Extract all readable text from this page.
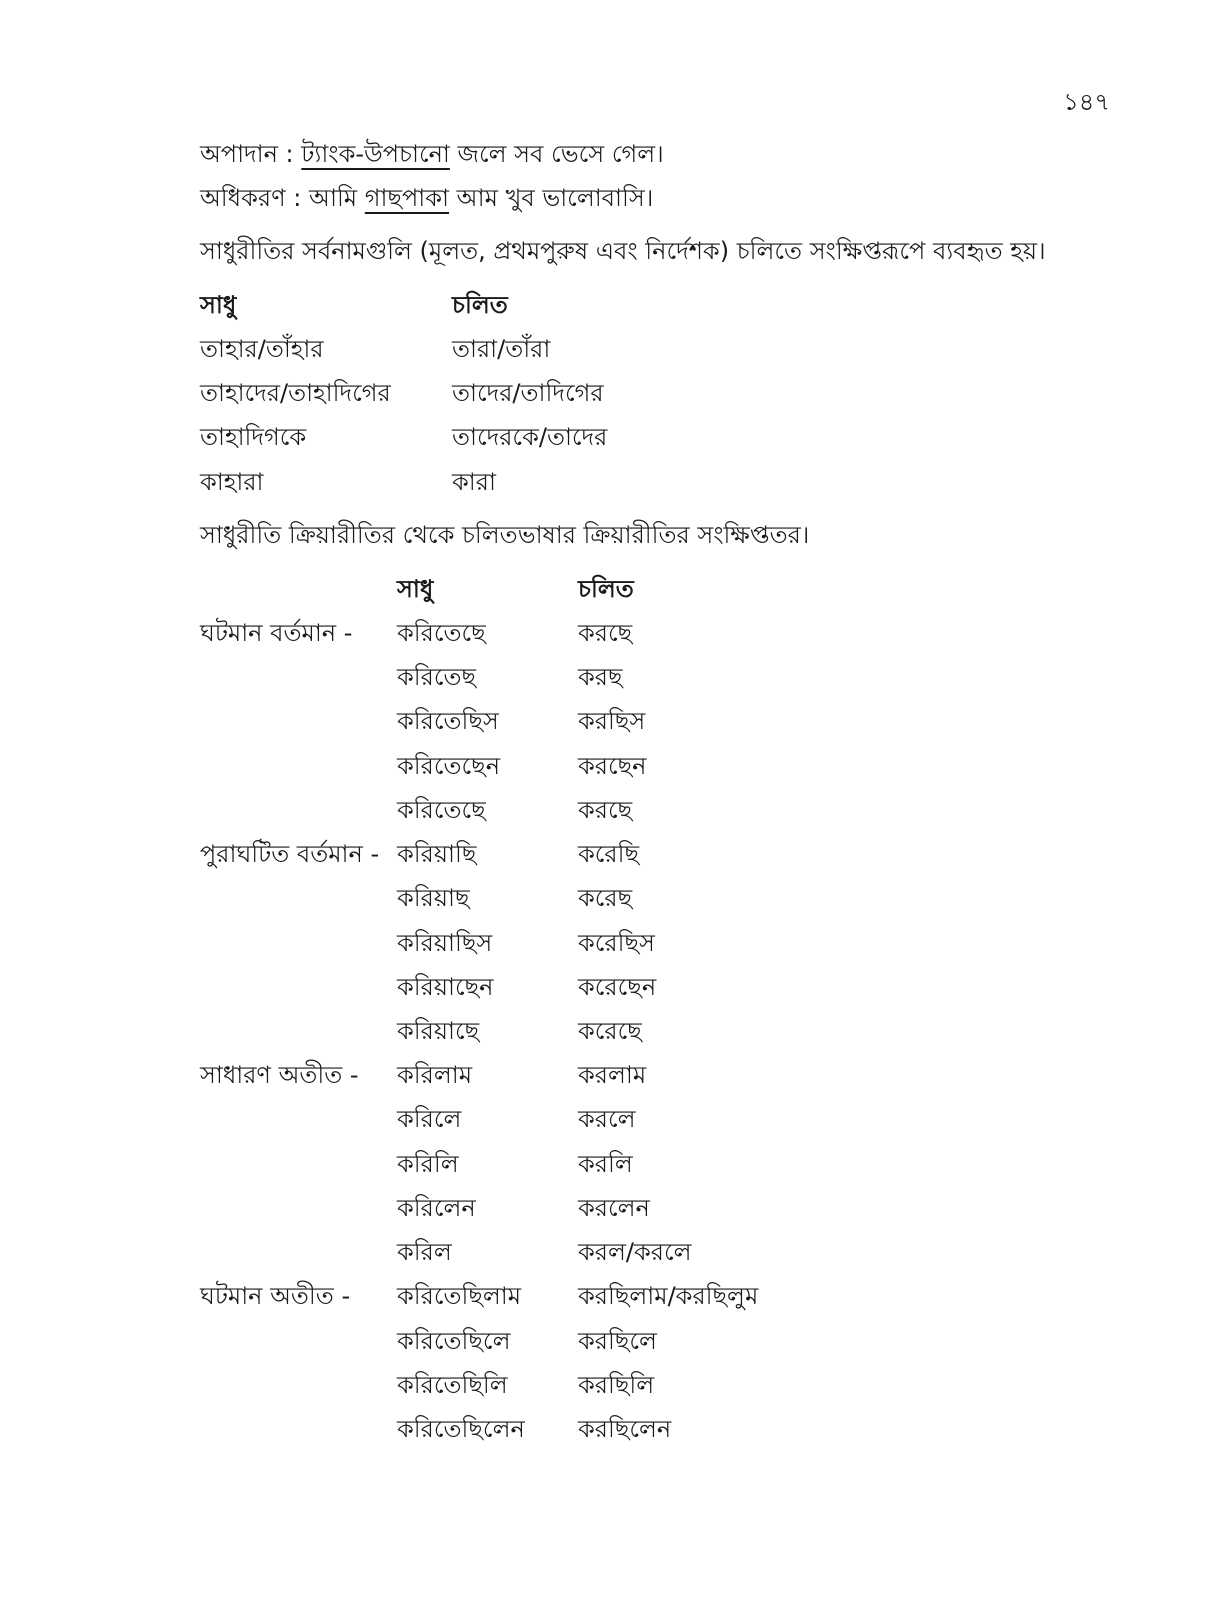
১৪৭
অপাদান : ট্যাংক-উপচানো জলে সব ভেসে গেল।
অধিকরণ : আমি গাছপাকা আম খুব ভালোবাসি।
সাধুরীতির সর্বনামগুলি (মূলত, প্রথমপুরুষ এবং নির্দেশক) চলিতে সংক্ষিপ্তরূপে ব্যবহৃত হয়।
সাধু	চলিত
তাহার/তাঁহার	তারা/তাঁরা
তাহাদের/তাহাদিগের	তাদের/তাদিগের
তাহাদিগকে	তাদেরকে/তাদের
কাহারা	কারা
সাধুরীতি ক্রিয়ারীতির থেকে চলিতভাষার ক্রিয়ারীতির সংক্ষিপ্ততর।
সাধু	চলিত
ঘটমান বর্তমান - করিতেছে	করছে
করিতেছ	করছ
করিতেছিস	করছিস
করিতেছেন	করছেন
করিতেছে	করছে
পুরাঘটিত বর্তমান - করিয়াছি	করেছি
করিয়াছ	করেছ
করিয়াছিস	করেছিস
করিয়াছেন	করেছেন
করিয়াছে	করেছে
সাধারণ অতীত - করিলাম	করলাম
করিলে	করলে
করিলি	করলি
করিলেন	করলেন
করিল	করল/করলে
ঘটমান অতীত - করিতেছিলাম করছিলাম/করছিলুম
করিতেছিলে	করছিলে
করিতেছিলি	করছিলি
করিতেছিলেন করছিলেন
